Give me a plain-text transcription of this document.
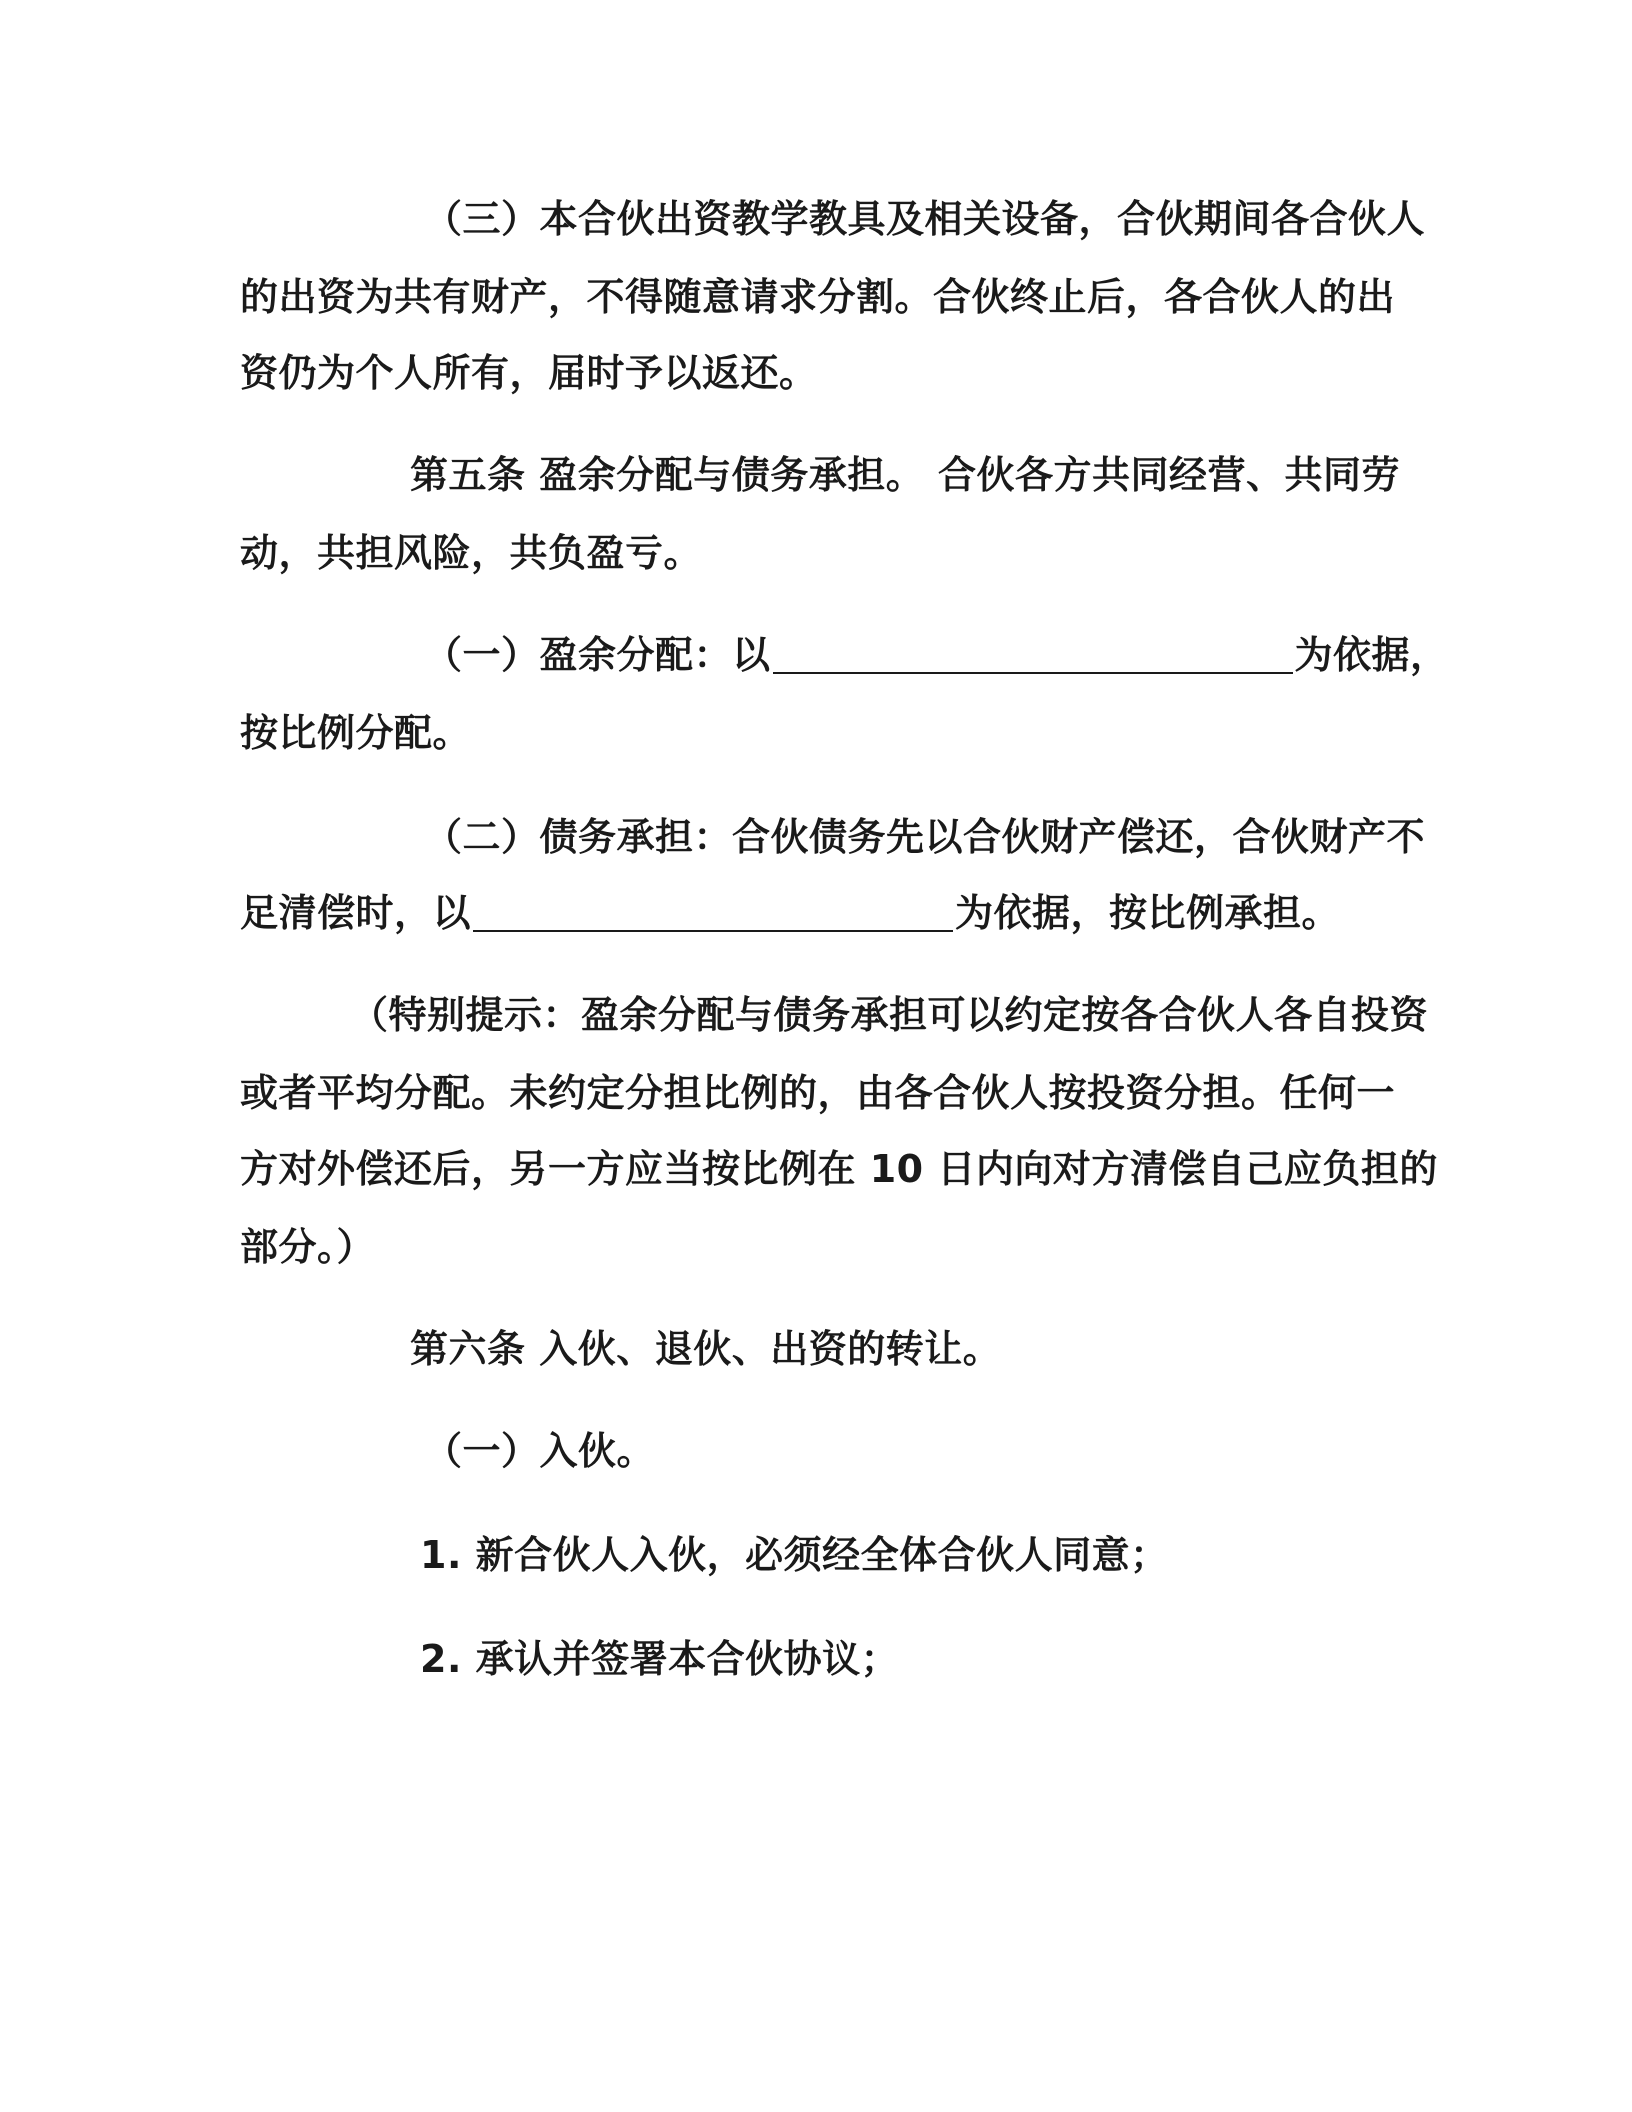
（三）本合伙出资教学教具及相关设备，合伙期间各合伙人
的出资为共有财产，不得随意请求分割。合伙终止后，各合伙人的出
资仍为个人所有，届时予以返还。
第五条 盈余分配与债务承担。 合伙各方共同经营、共同劳
动，共担风险，共负盈亏。
（一）盈余分配：以	为依据，
按比例分配。
（二）债务承担：合伙债务先以合伙财产偿还，合伙财产不
足清偿时，以	为依据，按比例承担。
（特别提示：盈余分配与债务承担可以约定按各合伙人各自投资
或者平均分配。未约定分担比例的，由各合伙人按投资分担。任何一
方对外偿还后，另一方应当按比例在 10 日内向对方清偿自己应负担的
部分。）
第六条 入伙、退伙、出资的转让。
（一）入伙。
1. 新合伙人入伙，必须经全体合伙人同意；
2. 承认并签署本合伙协议；
